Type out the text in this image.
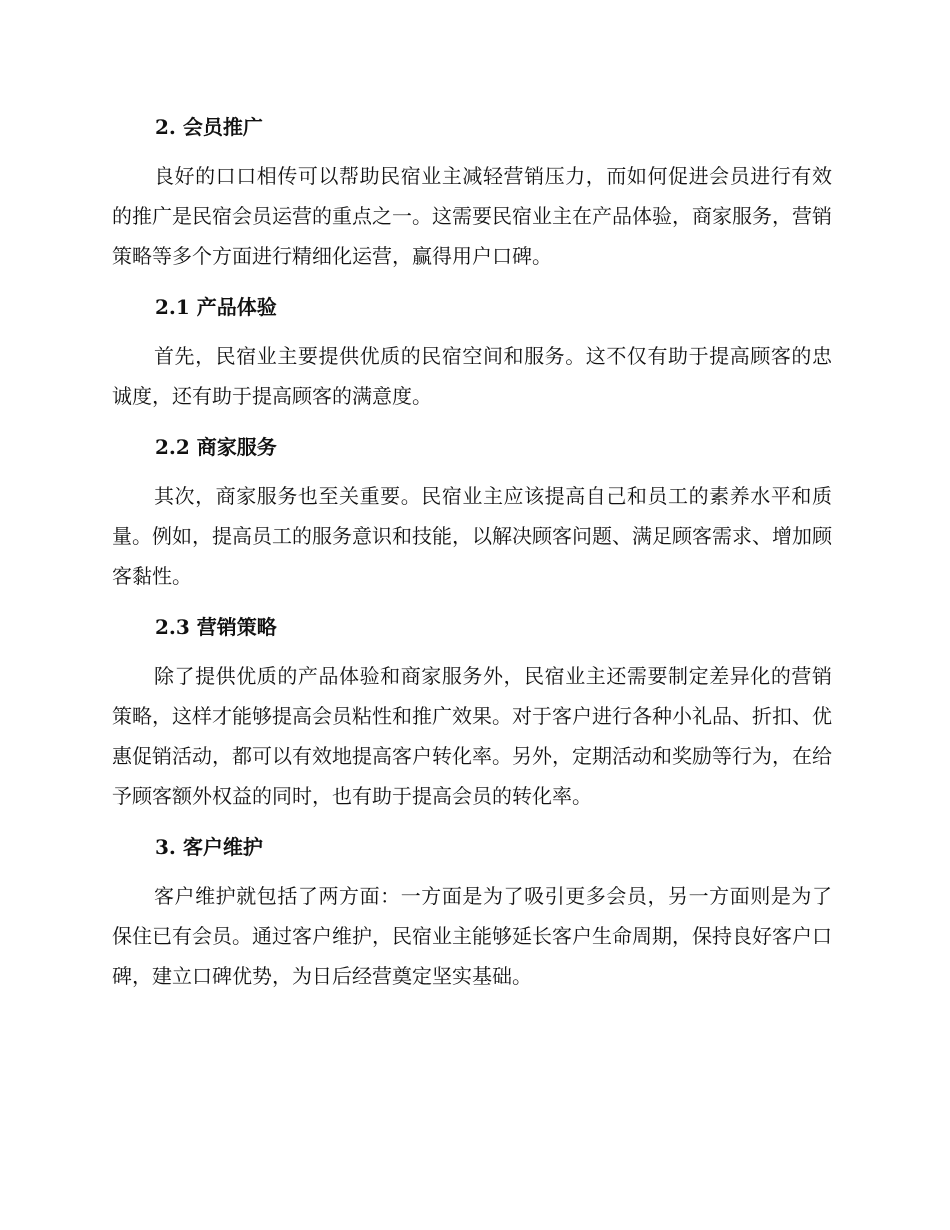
2. 会员推广

良好的口口相传可以帮助民宿业主减轻营销压力，而如何促进会员进行有效的推广是民宿会员运营的重点之一。这需要民宿业主在产品体验，商家服务，营销策略等多个方面进行精细化运营，赢得用户口碑。

2.1 产品体验

首先，民宿业主要提供优质的民宿空间和服务。这不仅有助于提高顾客的忠诚度，还有助于提高顾客的满意度。

2.2 商家服务

其次，商家服务也至关重要。民宿业主应该提高自己和员工的素养水平和质量。例如，提高员工的服务意识和技能，以解决顾客问题、满足顾客需求、增加顾客黏性。

2.3 营销策略

除了提供优质的产品体验和商家服务外，民宿业主还需要制定差异化的营销策略，这样才能够提高会员粘性和推广效果。对于客户进行各种小礼品、折扣、优惠促销活动，都可以有效地提高客户转化率。另外，定期活动和奖励等行为，在给予顾客额外权益的同时，也有助于提高会员的转化率。

3. 客户维护

客户维护就包括了两方面：一方面是为了吸引更多会员，另一方面则是为了保住已有会员。通过客户维护，民宿业主能够延长客户生命周期，保持良好客户口碑，建立口碑优势，为日后经营奠定坚实基础。
